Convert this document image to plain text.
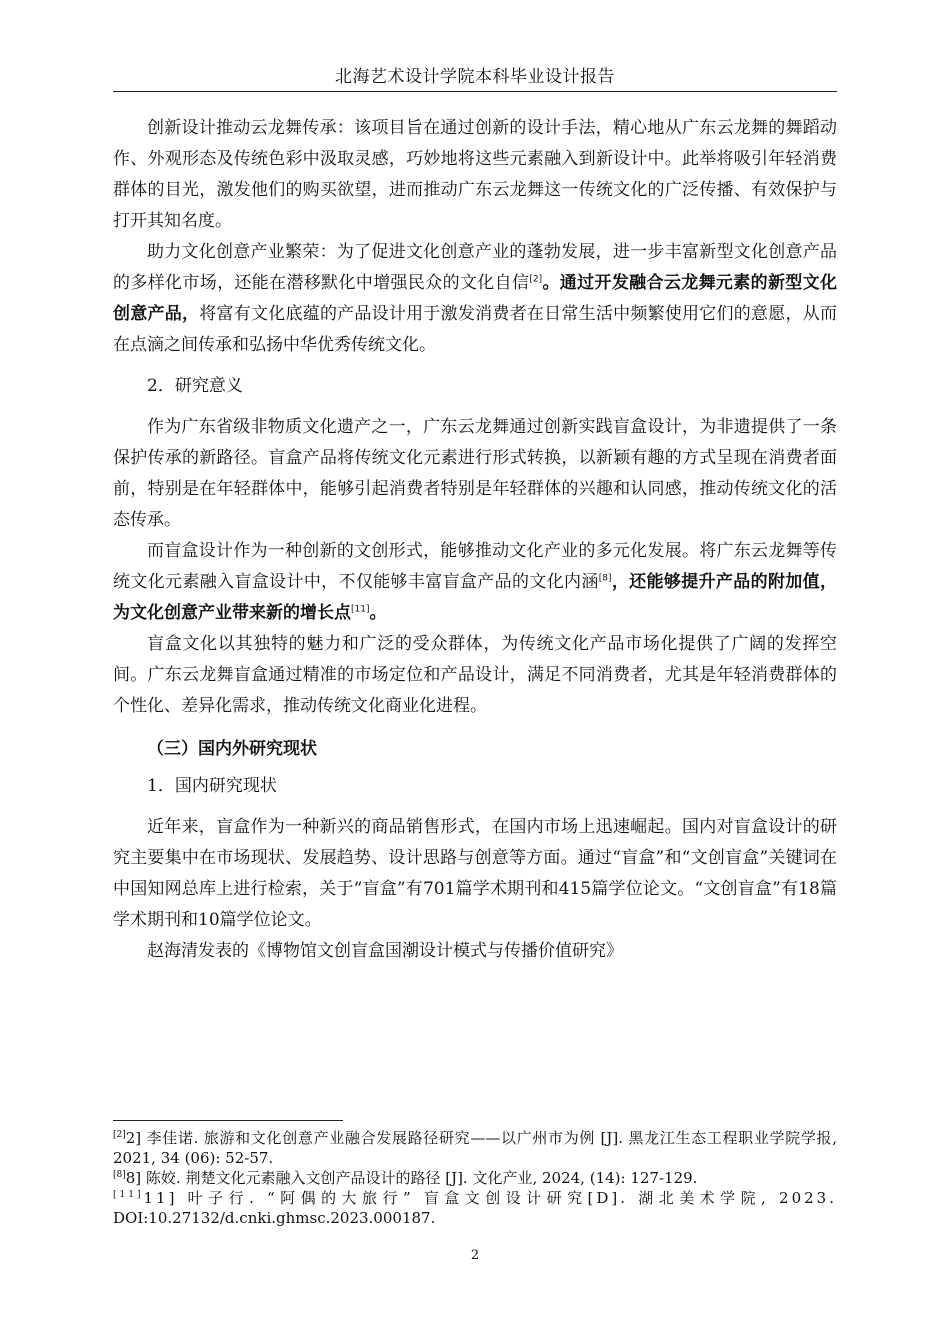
北海艺术设计学院本科毕业设计报告

创新设计推动云龙舞传承：该项目旨在通过创新的设计手法，精心地从广东云龙舞的舞蹈动作、外观形态及传统色彩中汲取灵感，巧妙地将这些元素融入到新设计中。此举将吸引年轻消费群体的目光，激发他们的购买欲望，进而推动广东云龙舞这一传统文化的广泛传播、有效保护与打开其知名度。

助力文化创意产业繁荣：为了促进文化创意产业的蓬勃发展，进一步丰富新型文化创意产品的多样化市场，还能在潜移默化中增强民众的文化自信[2]。通过开发融合云龙舞元素的新型文化创意产品，将富有文化底蕴的产品设计用于激发消费者在日常生活中频繁使用它们的意愿，从而在点滴之间传承和弘扬中华优秀传统文化。

2．研究意义

作为广东省级非物质文化遗产之一，广东云龙舞通过创新实践盲盒设计，为非遗提供了一条保护传承的新路径。盲盒产品将传统文化元素进行形式转换，以新颖有趣的方式呈现在消费者面前，特别是在年轻群体中，能够引起消费者特别是年轻群体的兴趣和认同感，推动传统文化的活态传承。

而盲盒设计作为一种创新的文创形式，能够推动文化产业的多元化发展。将广东云龙舞等传统文化元素融入盲盒设计中，不仅能够丰富盲盒产品的文化内涵[8]，还能够提升产品的附加值，为文化创意产业带来新的增长点[11]。

盲盒文化以其独特的魅力和广泛的受众群体，为传统文化产品市场化提供了广阔的发挥空间。广东云龙舞盲盒通过精准的市场定位和产品设计，满足不同消费者，尤其是年轻消费群体的个性化、差异化需求，推动传统文化商业化进程。

（三）国内外研究现状

1．国内研究现状

近年来，盲盒作为一种新兴的商品销售形式，在国内市场上迅速崛起。国内对盲盒设计的研究主要集中在市场现状、发展趋势、设计思路与创意等方面。通过“盲盒”和“文创盲盒”关键词在中国知网总库上进行检索，关于“盲盒”有701篇学术期刊和415篇学位论文。“文创盲盒”有18篇学术期刊和10篇学位论文。

赵海清发表的《博物馆文创盲盒国潮设计模式与传播价值研究》

[2]2] 李佳诺. 旅游和文化创意产业融合发展路径研究——以广州市为例 [J]. 黑龙江生态工程职业学院学报, 2021, 34 (06): 52-57.

[8]8] 陈姣. 荆楚文化元素融入文创产品设计的路径 [J]. 文化产业, 2024, (14): 127-129.

[11]11] 叶子行. “阿偶的大旅行” 盲盒文创设计研究[D]. 湖北美术学院, 2023.

DOI:10.27132/d.cnki.ghmsc.2023.000187.

2
